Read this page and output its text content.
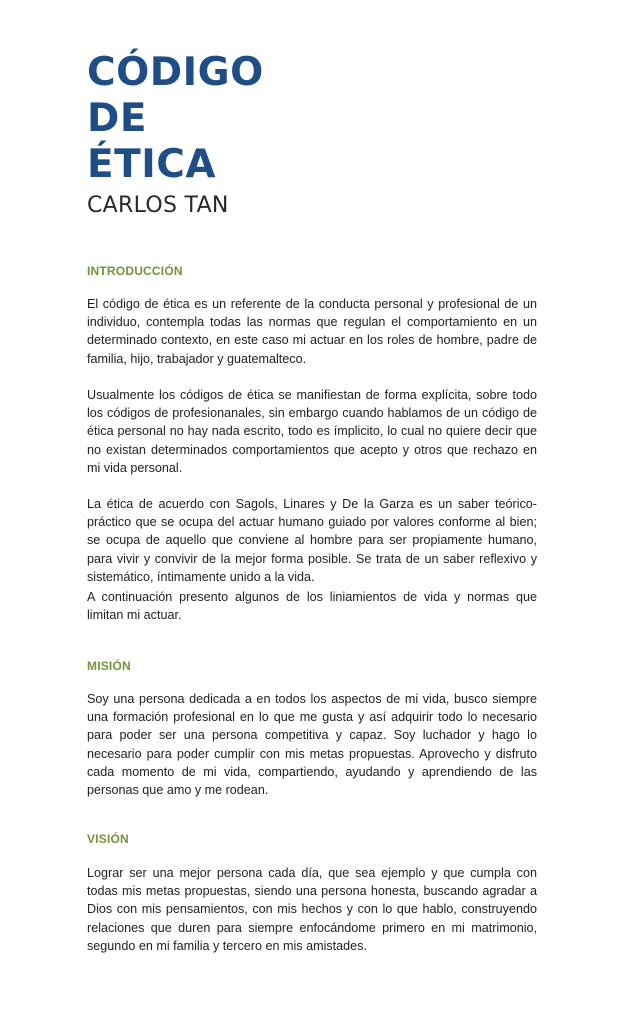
CÓDIGO
DE
ÉTICA

CARLOS TAN

INTRODUCCIÓN

El código de ética es un referente de la conducta personal y profesional de un individuo, contempla todas las normas que regulan el comportamiento en un determinado contexto, en este caso mi actuar en los roles de hombre, padre de familia, hijo, trabajador y guatemalteco.

Usualmente los códigos de ética se manifiestan de forma explícita, sobre todo los códigos de profesionanales, sin embargo cuando hablamos de un código de ética personal no hay nada escrito, todo es ímplicito, lo cual no quiere decir que no existan determinados comportamientos que acepto y otros que rechazo en mi vida personal.

La ética de acuerdo con Sagols, Linares y De la Garza es un saber teórico-práctico que se ocupa del actuar humano guiado por valores conforme al bien; se ocupa de aquello que conviene al hombre para ser propiamente humano, para vivir y convivir de la mejor forma posible. Se trata de un saber reflexivo y sistemático, íntimamente unido a la vida.

A continuación presento algunos de los liniamientos de vida y normas que limitan mi actuar.

MISIÓN

Soy una persona dedicada a en todos los aspectos de mi vida, busco siempre una formación profesional en lo que me gusta y así adquirir todo lo necesario para poder ser una persona competitiva y capaz. Soy luchador y hago lo necesario para poder cumplir con mis metas propuestas. Aprovecho y disfruto cada momento de mi vida, compartiendo, ayudando y aprendiendo de las personas que amo y me rodean.

VISIÓN

Lograr ser una mejor persona cada día, que sea ejemplo y que cumpla con todas mis metas propuestas, siendo una persona honesta, buscando agradar a Dios con mis pensamientos, con mis hechos y con lo que hablo, construyendo relaciones que duren para siempre enfocándome primero en mi matrimonio, segundo en mi familia y tercero en mis amistades.
